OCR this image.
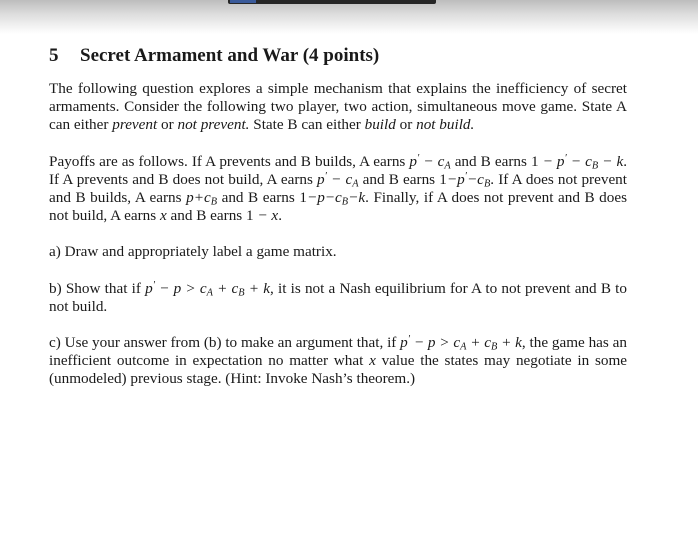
5	Secret Armament and War (4 points)

The following question explores a simple mechanism that explains the inefficiency of secret armaments. Consider the following two player, two action, simultaneous move game. State A can either prevent or not prevent. State B can either build or not build.

Payoffs are as follows. If A prevents and B builds, A earns $p' - c_A$ and B earns $1 - p' - c_B - k$. If A prevents and B does not build, A earns $p' - c_A$ and B earns $1-p'-c_B$. If A does not prevent and B builds, A earns $p+c_B$ and B earns $1-p-c_B-k$. Finally, if A does not prevent and B does not build, A earns x and B earns 1 − x.

a) Draw and appropriately label a game matrix.

b) Show that if $p' - p > c_A + c_B + k$, it is not a Nash equilibrium for A to not prevent and B to not build.

c) Use your answer from (b) to make an argument that, if $p' - p > c_A + c_B + k$, the game has an inefficient outcome in expectation no matter what x value the states may negotiate in some (unmodeled) previous stage. (Hint: Invoke Nash’s theorem.)
